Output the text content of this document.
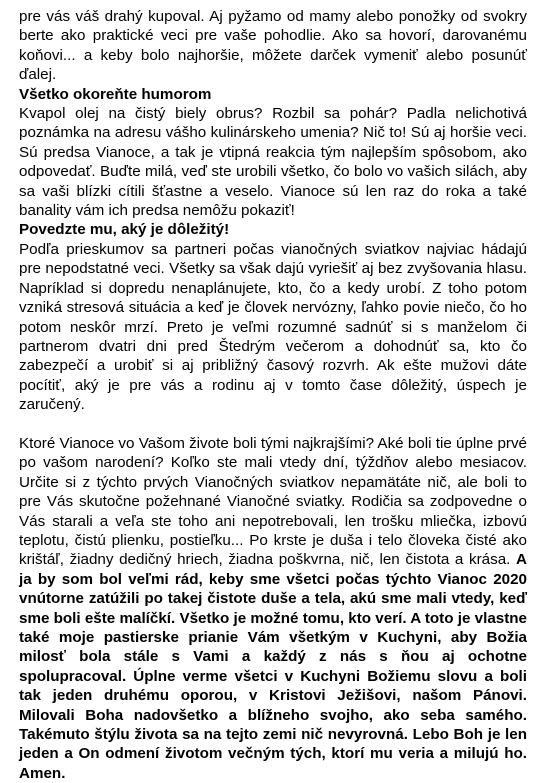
pre vás váš drahý kupoval. Aj pyžamo od mamy alebo ponožky od svokry berte ako praktické veci pre vaše pohodlie. Ako sa hovorí, darovanému koňovi... a keby bolo najhoršie, môžete darček vymeniť alebo posunúť ďalej.

Všetko okoreňte humorom

Kvapol olej na čistý biely obrus? Rozbil sa pohár? Padla nelichotivá poznámka na adresu vášho kulinárskeho umenia? Nič to! Sú aj horšie veci. Sú predsa Vianoce, a tak je vtipná reakcia tým najlepším spôsobom, ako odpovedať. Buďte milá, veď ste urobili všetko, čo bolo vo vašich silách, aby sa vaši blízki cítili šťastne a veselo. Vianoce sú len raz do roka a také banality vám ich predsa nemôžu pokaziť!

Povedzte mu, aký je dôležitý!

Podľa prieskumov sa partneri počas vianočných sviatkov najviac hádajú pre nepodstatné veci. Všetky sa však dajú vyriešiť aj bez zvyšovania hlasu. Napríklad si dopredu nenaplánujete, kto, čo a kedy urobí. Z toho potom vzniká stresová situácia a keď je človek nervózny, ľahko povie niečo, čo ho potom neskôr mrzí. Preto je veľmi rozumné sadnúť si s manželom či partnerom dvatri dni pred Štedrým večerom a dohodnúť sa, kto čo zabezpečí a urobiť si aj približný časový rozvrh. Ak ešte mužovi dáte pocítiť, aký je pre vás a rodinu aj v tomto čase dôležitý, úspech je zaručený.

Ktoré Vianoce vo Vašom živote boli tými najkrajšími? Aké boli tie úplne prvé po vašom narodení? Koľko ste mali vtedy dní, týždňov alebo mesiacov. Určite si z týchto prvých Vianočných sviatkov nepamätáte nič, ale boli to pre Vás skutočne požehnané Vianočné sviatky. Rodičia sa zodpovedne o Vás starali a veľa ste toho ani nepotrebovali, len trošku mliečka, izbovú teplotu, čistú plienku, postieľku... Po krste je duša i telo človeka čisté ako krištáľ, žiadny dedičný hriech, žiadna poškvrna, nič, len čistota a krása. A ja by som bol veľmi rád, keby sme všetci počas týchto Vianoc 2020 vnútorne zatúžili po takej čistote duše a tela, akú sme mali vtedy, keď sme boli ešte malíčkí. Všetko je možné tomu, kto verí. A toto je vlastne také moje pastierske prianie Vám všetkým v Kuchyni, aby Božia milosť bola stále s Vami a každý z nás s ňou aj ochotne spolupracoval. Úplne verme všetci v Kuchyni Božiemu slovu a boli tak jeden druhému oporou, v Kristovi Ježišovi, našom Pánovi. Milovali Boha nadovšetko a blížneho svojho, ako seba samého. Takémuto štýlu života sa na tejto zemi nič nevyrovná. Lebo Boh je len jeden a On odmení životom večným tých, ktorí mu veria a milujú ho. Amen.
